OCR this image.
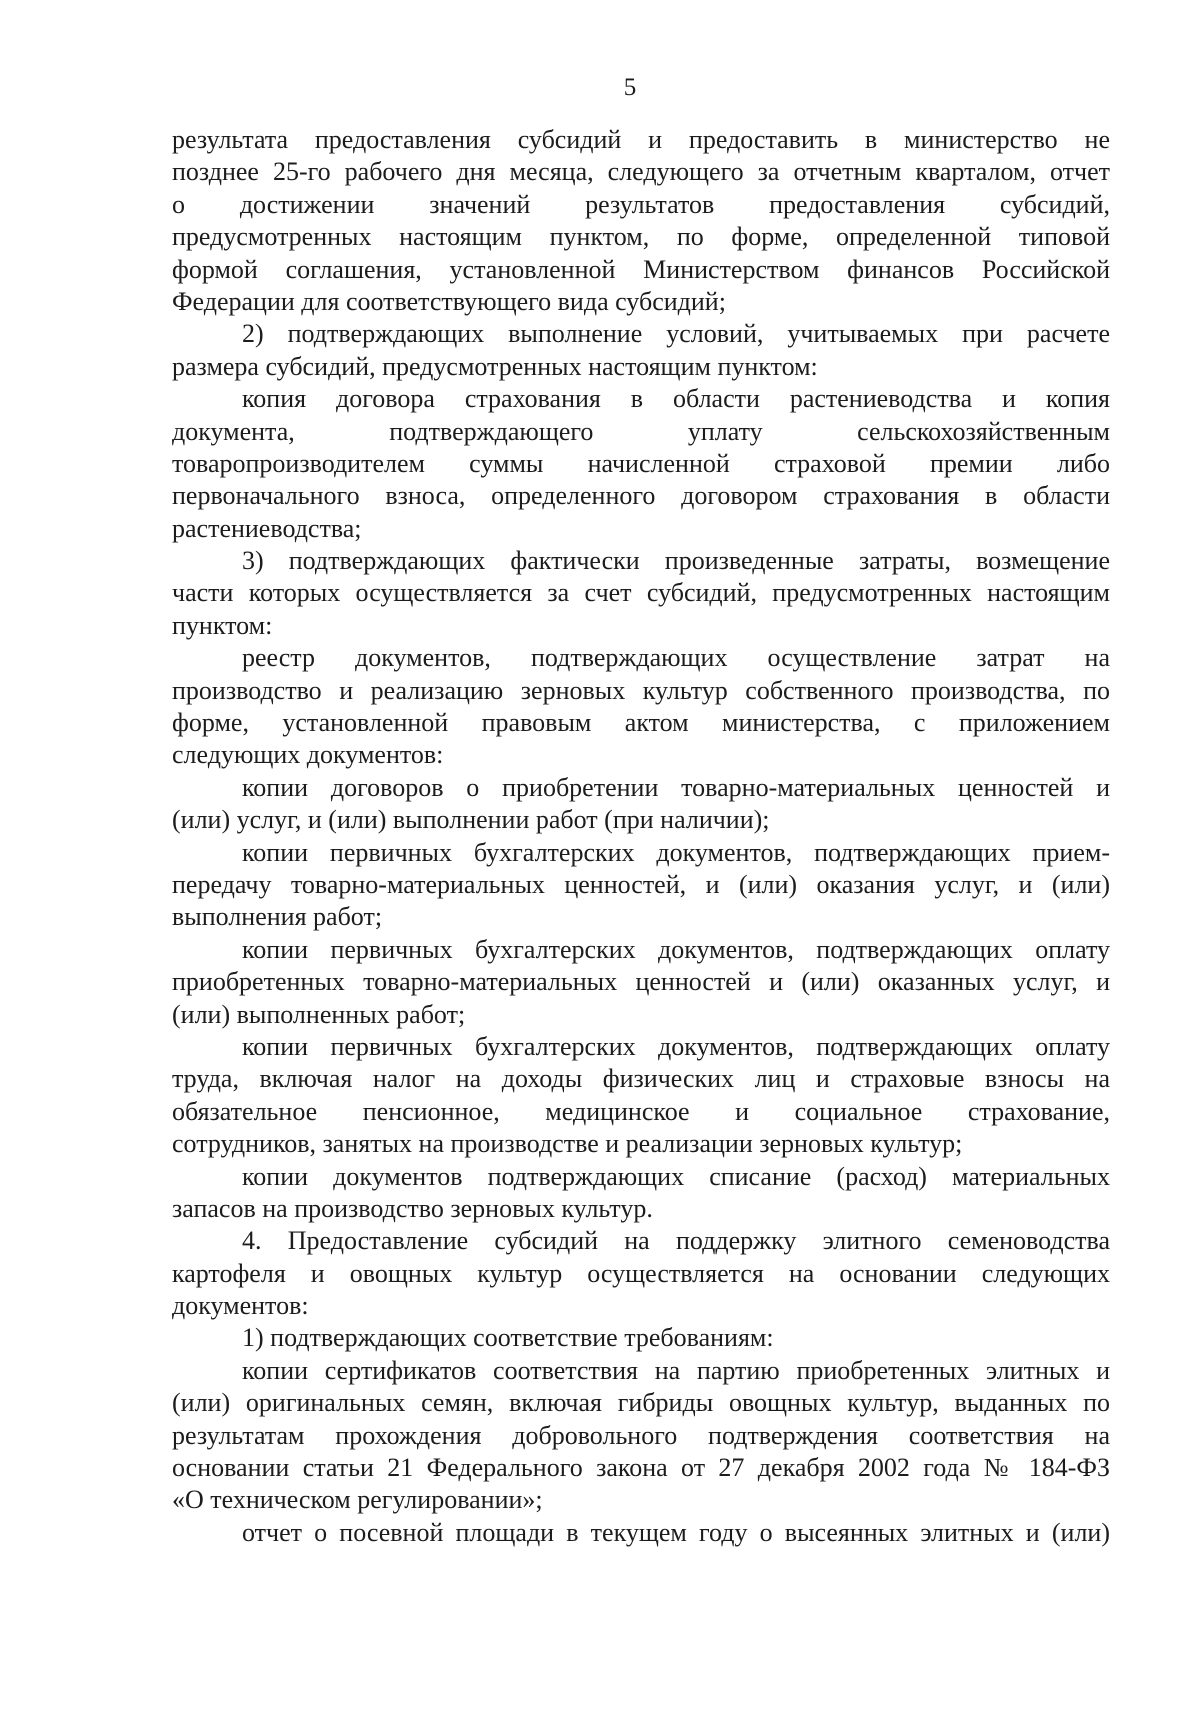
5
результата предоставления субсидий и предоставить в министерство не
позднее 25-го рабочего дня месяца, следующего за отчетным кварталом, отчет
о достижении значений результатов предоставления субсидий,
предусмотренных настоящим пунктом, по форме, определенной типовой
формой соглашения, установленной Министерством финансов Российской
Федерации для соответствующего вида субсидий;
2) подтверждающих выполнение условий, учитываемых при расчете
размера субсидий, предусмотренных настоящим пунктом:
копия договора страхования в области растениеводства и копия
документа, подтверждающего уплату сельскохозяйственным
товаропроизводителем суммы начисленной страховой премии либо
первоначального взноса, определенного договором страхования в области
растениеводства;
3) подтверждающих фактически произведенные затраты, возмещение
части которых осуществляется за счет субсидий, предусмотренных настоящим
пунктом:
реестр документов, подтверждающих осуществление затрат на
производство и реализацию зерновых культур собственного производства, по
форме, установленной правовым актом министерства, с приложением
следующих документов:
копии договоров о приобретении товарно-материальных ценностей и
(или) услуг, и (или) выполнении работ (при наличии);
копии первичных бухгалтерских документов, подтверждающих прием-
передачу товарно-материальных ценностей, и (или) оказания услуг, и (или)
выполнения работ;
копии первичных бухгалтерских документов, подтверждающих оплату
приобретенных товарно-материальных ценностей и (или) оказанных услуг, и
(или) выполненных работ;
копии первичных бухгалтерских документов, подтверждающих оплату
труда, включая налог на доходы физических лиц и страховые взносы на
обязательное пенсионное, медицинское и социальное страхование,
сотрудников, занятых на производстве и реализации зерновых культур;
копии документов подтверждающих списание (расход) материальных
запасов на производство зерновых культур.
4. Предоставление субсидий на поддержку элитного семеноводства
картофеля и овощных культур осуществляется на основании следующих
документов:
1) подтверждающих соответствие требованиям:
копии сертификатов соответствия на партию приобретенных элитных и
(или) оригинальных семян, включая гибриды овощных культур, выданных по
результатам прохождения добровольного подтверждения соответствия на
основании статьи 21 Федерального закона от 27 декабря 2002 года № 184-ФЗ
«О техническом регулировании»;
отчет о посевной площади в текущем году о высеянных элитных и (или)
